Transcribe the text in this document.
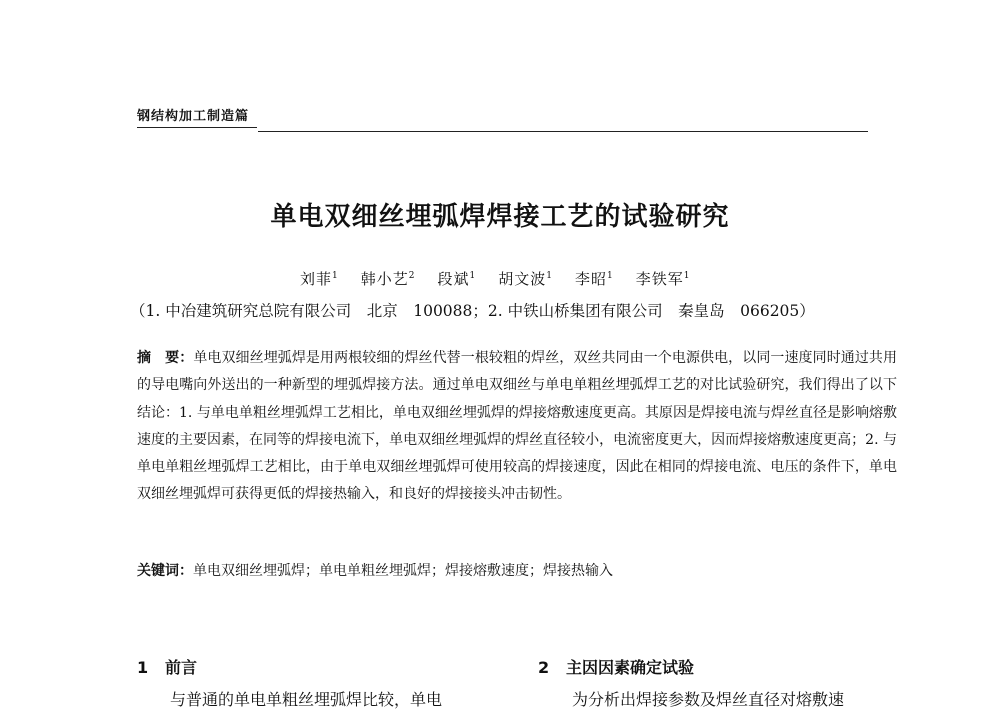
钢结构加工制造篇
单电双细丝埋弧焊焊接工艺的试验研究
刘菲$^1$ 韩小艺$^2$ 段斌$^1$ 胡文波$^1$ 李昭$^1$ 李铁军$^1$
（1. 中冶建筑研究总院有限公司　北京　100088；2. 中铁山桥集团有限公司　秦皇岛　066205）
摘　要：单电双细丝埋弧焊是用两根较细的焊丝代替一根较粗的焊丝，双丝共同由一个电源供电，以同一速度同时通过共用的导电嘴向外送出的一种新型的埋弧焊接方法。通过单电双细丝与单电单粗丝埋弧焊工艺的对比试验研究，我们得出了以下结论：1. 与单电单粗丝埋弧焊工艺相比，单电双细丝埋弧焊的焊接熔敷速度更高。其原因是焊接电流与焊丝直径是影响熔敷速度的主要因素，在同等的焊接电流下，单电双细丝埋弧焊的焊丝直径较小，电流密度更大，因而焊接熔敷速度更高；2. 与单电单粗丝埋弧焊工艺相比，由于单电双细丝埋弧焊可使用较高的焊接速度，因此在相同的焊接电流、电压的条件下，单电双细丝埋弧焊可获得更低的焊接热输入，和良好的焊接接头冲击韧性。
关键词：单电双细丝埋弧焊；单电单粗丝埋弧焊；焊接熔敷速度；焊接热输入
1 前言
与普通的单电单粗丝埋弧焊比较，单电
2 主因因素确定试验
为分析出焊接参数及焊丝直径对熔敷速
